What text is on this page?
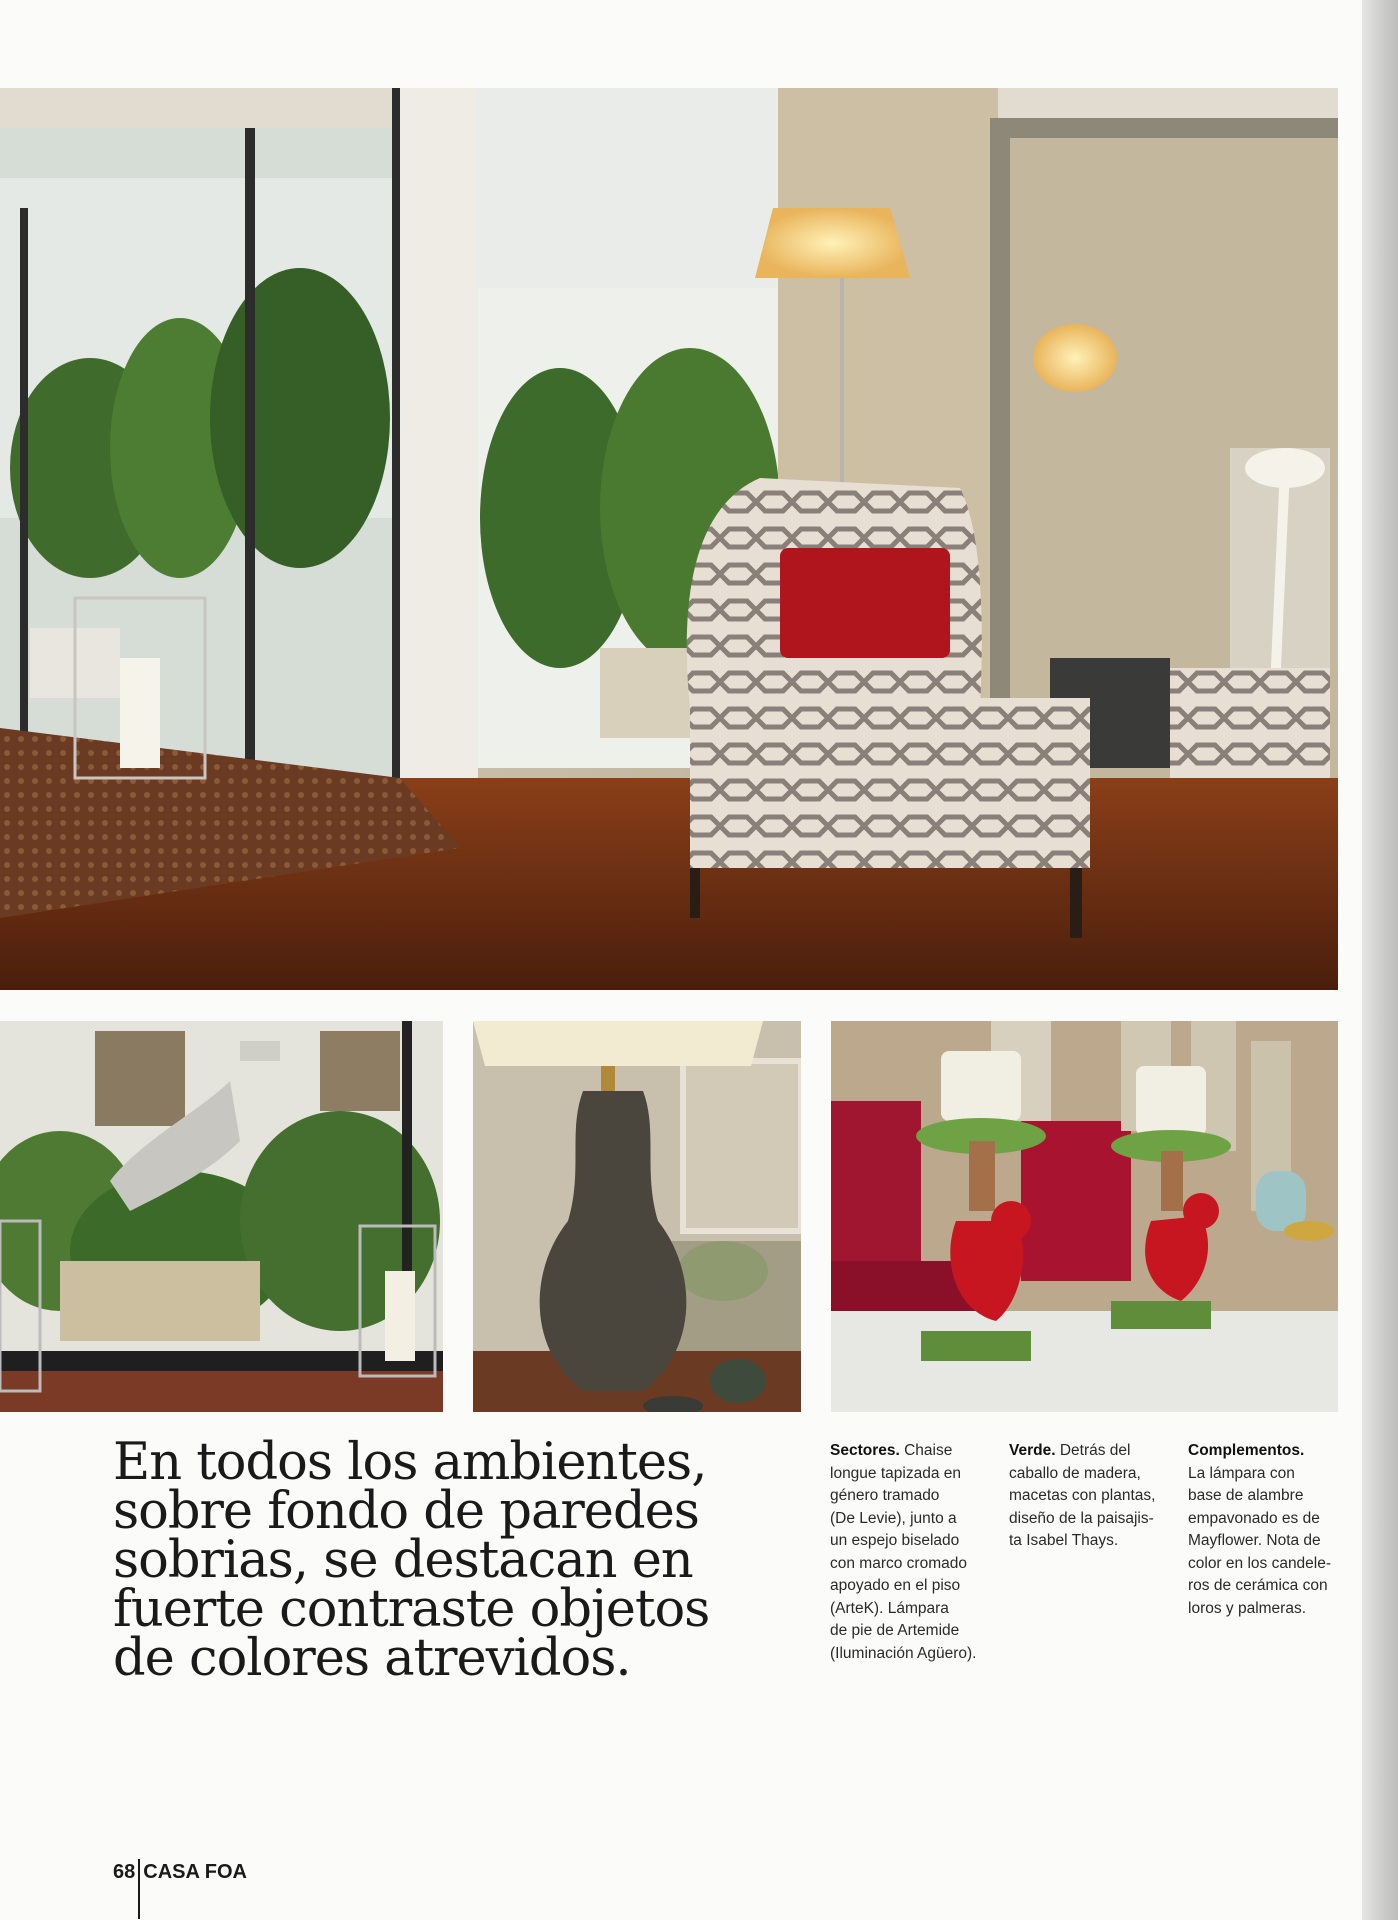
En todos los ambientes,
sobre fondo de paredes
sobrias, se destacan en
fuerte contraste objetos
de colores atrevidos.
Sectores. Chaise
longue tapizada en
género tramado
(De Levie), junto a
un espejo biselado
con marco cromado
apoyado en el piso
(ArteK). Lámpara
de pie de Artemide
(Iluminación Agüero).
Verde. Detrás del
caballo de madera,
macetas con plantas,
diseño de la paisajis-
ta Isabel Thays.
Complementos.
La lámpara con
base de alambre
empavonado es de
Mayflower. Nota de
color en los candele-
ros de cerámica con
loros y palmeras.
68 CASA FOA
